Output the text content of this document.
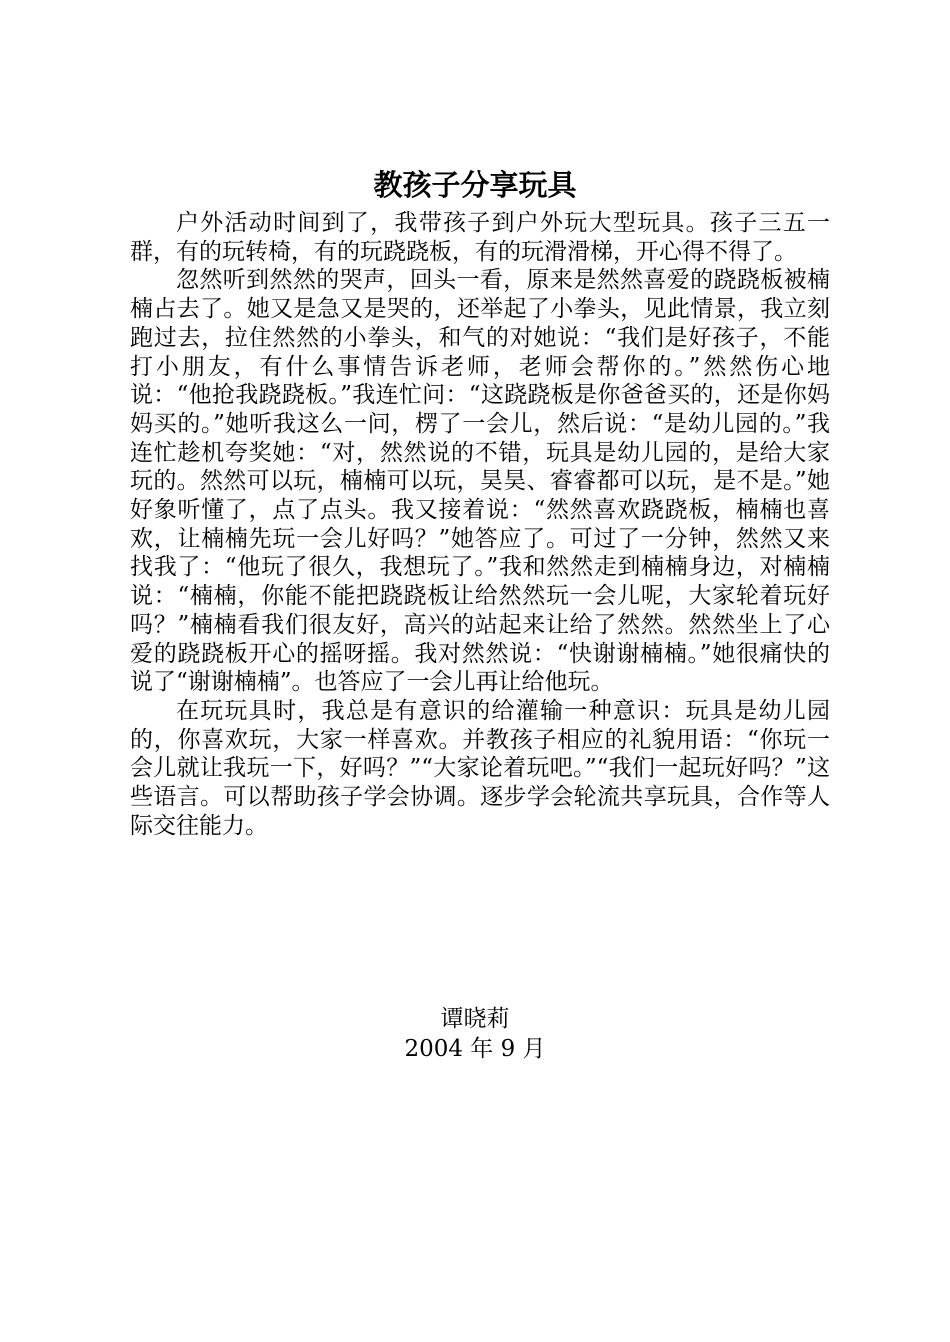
教孩子分享玩具

户外活动时间到了，我带孩子到户外玩大型玩具。孩子三五一群，有的玩转椅，有的玩跷跷板，有的玩滑滑梯，开心得不得了。

忽然听到然然的哭声，回头一看，原来是然然喜爱的跷跷板被楠楠占去了。她又是急又是哭的，还举起了小拳头，见此情景，我立刻跑过去，拉住然然的小拳头，和气的对她说：“我们是好孩子，不能打小朋友，有什么事情告诉老师，老师会帮你的。”然然伤心地说：“他抢我跷跷板。”我连忙问：“这跷跷板是你爸爸买的，还是你妈妈买的。”她听我这么一问，楞了一会儿，然后说：“是幼儿园的。”我连忙趁机夸奖她：“对，然然说的不错，玩具是幼儿园的，是给大家玩的。然然可以玩，楠楠可以玩，昊昊、睿睿都可以玩，是不是。”她好象听懂了，点了点头。我又接着说：“然然喜欢跷跷板，楠楠也喜欢，让楠楠先玩一会儿好吗？”她答应了。可过了一分钟，然然又来找我了：“他玩了很久，我想玩了。”我和然然走到楠楠身边，对楠楠说：“楠楠，你能不能把跷跷板让给然然玩一会儿呢，大家轮着玩好吗？”楠楠看我们很友好，高兴的站起来让给了然然。然然坐上了心爱的跷跷板开心的摇呀摇。我对然然说：“快谢谢楠楠。”她很痛快的说了“谢谢楠楠”。也答应了一会儿再让给他玩。

在玩玩具时，我总是有意识的给灌输一种意识：玩具是幼儿园的，你喜欢玩，大家一样喜欢。并教孩子相应的礼貌用语：“你玩一会儿就让我玩一下，好吗？”“大家论着玩吧。”“我们一起玩好吗？”这些语言。可以帮助孩子学会协调。逐步学会轮流共享玩具，合作等人际交往能力。

谭晓莉
2004 年 9 月
